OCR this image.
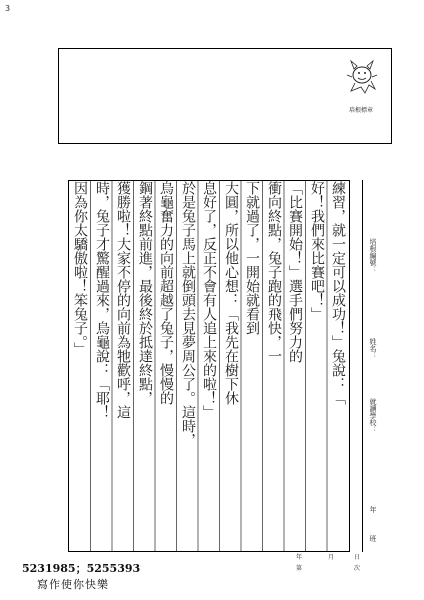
3
培根標章
練習，就一定可以成功！」兔說：「
好！我們來比賽吧！」
「比賽開始！」選手們努力的
衝向終點，兔子跑的飛快，一
下就過了，一開始就看到
大圓，所以他心想：「我先在樹下休
息好了，反正不會有人追上來的啦！」
於是兔子馬上就倒頭去見夢周公了。這時，
烏龜奮力的向前超越了兔子，慢慢的
鋼著終點前進，最後終於抵達終點，
獲勝啦！大家不停的向前為牠歡呼，這
時，兔子才驚醒過來，烏龜說：「耶！
因為你太驕傲啦！笨兔子。」	培根編號：
姓名：
就讀學校：
年
班
年	月	日
第	次
5231985；5255393
寫作使你快樂
